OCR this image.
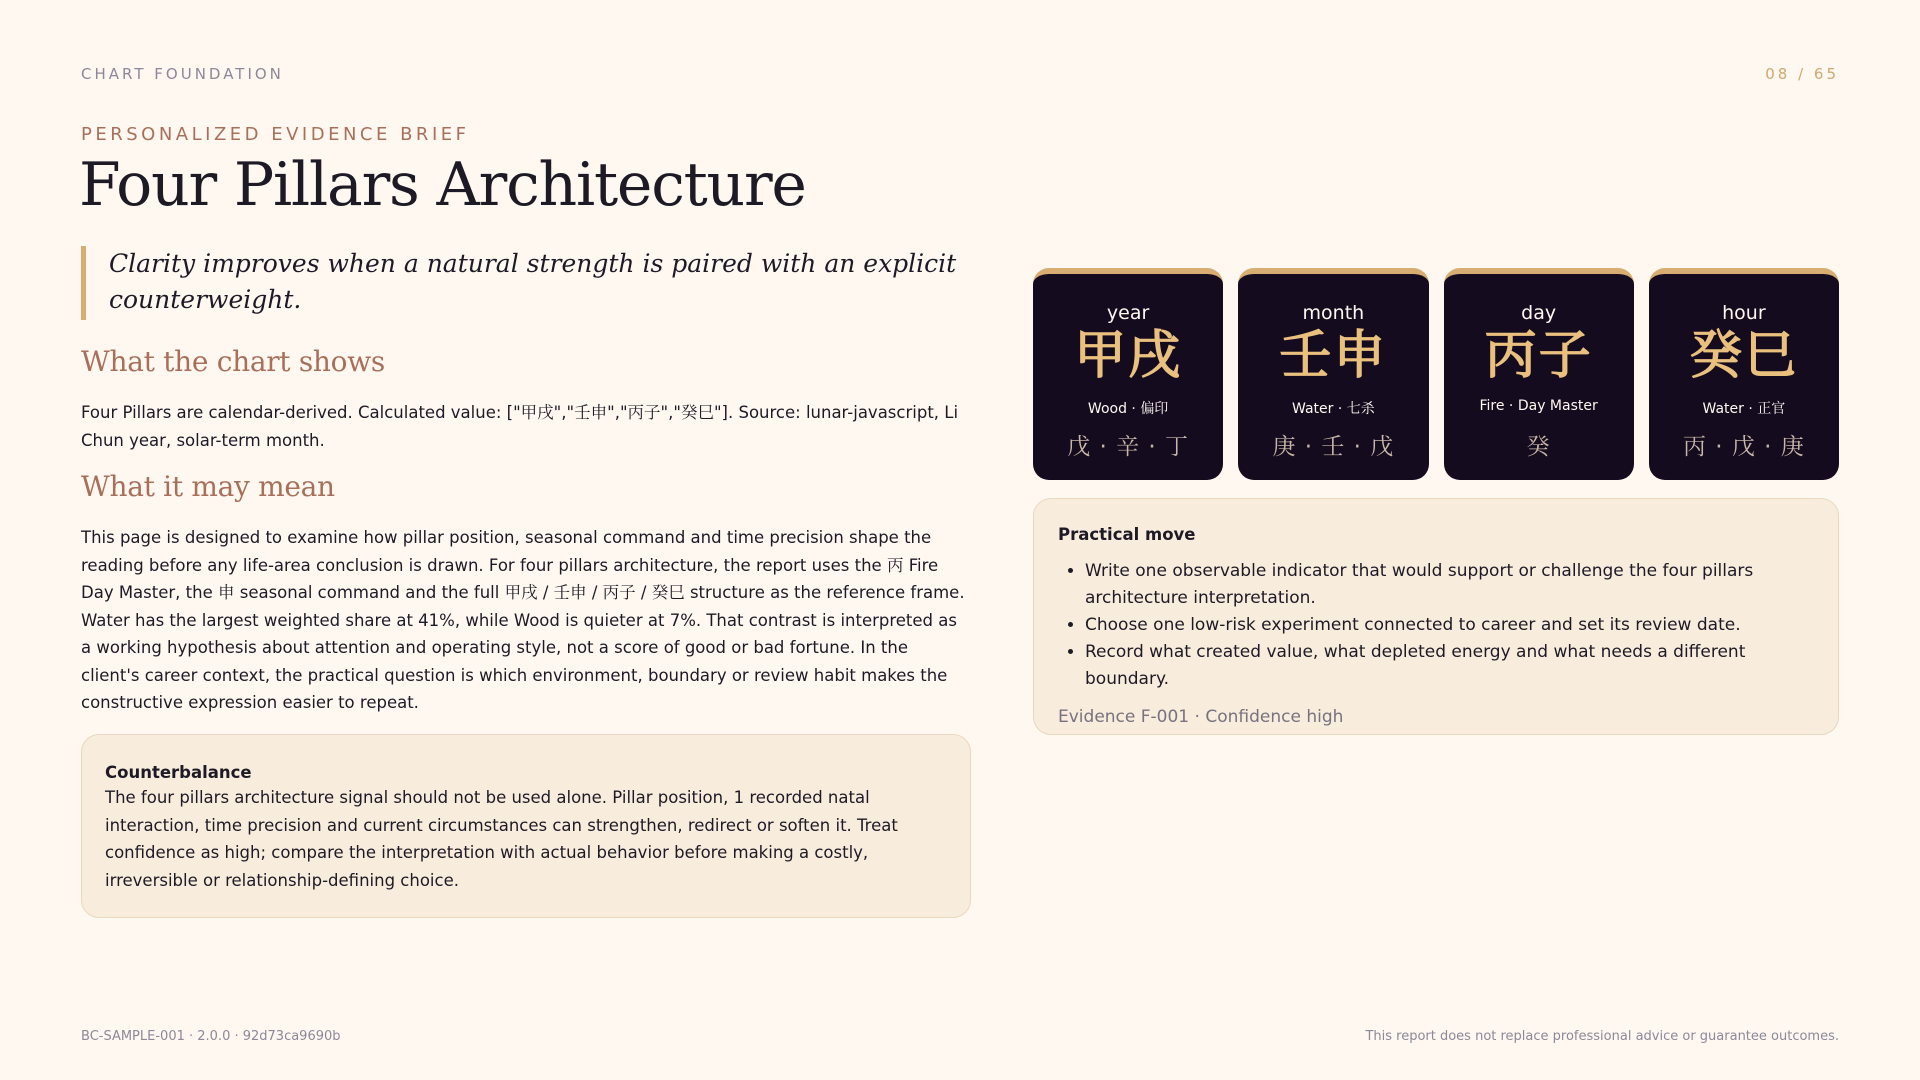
CHART FOUNDATION	08 / 65
PERSONALIZED EVIDENCE BRIEF
Four Pillars Architecture
Clarity improves when a natural strength is paired with an explicit counterweight.
What the chart shows

Four Pillars are calendar-derived. Calculated value: ["甲戌","壬申","丙子","癸巳"]. Source: lunar-javascript, Li Chun year, solar-term month.

What it may mean

This page is designed to examine how pillar position, seasonal command and time precision shape the reading before any life-area conclusion is drawn. For four pillars architecture, the report uses the 丙 Fire Day Master, the 申 seasonal command and the full 甲戌 / 壬申 / 丙子 / 癸巳 structure as the reference frame. Water has the largest weighted share at 41%, while Wood is quieter at 7%. That contrast is interpreted as a working hypothesis about attention and operating style, not a score of good or bad fortune. In the client's career context, the practical question is which environment, boundary or review habit makes the constructive expression easier to repeat.

Counterbalance
The four pillars architecture signal should not be used alone. Pillar position, 1 recorded natal interaction, time precision and current circumstances can strengthen, redirect or soften it. Treat confidence as high; compare the interpretation with actual behavior before making a costly, irreversible or relationship-defining choice.
year
甲戌
Wood · 偏印
戊 · 辛 · 丁
month
壬申
Water · 七杀
庚 · 壬 · 戊
day
丙子
Fire · Day Master
癸
hour
癸巳
Water · 正官
丙 · 戊 · 庚
Practical move
• Write one observable indicator that would support or challenge the four pillars architecture interpretation.
• Choose one low-risk experiment connected to career and set its review date.
• Record what created value, what depleted energy and what needs a different boundary.
Evidence F-001 · Confidence high
BC-SAMPLE-001 · 2.0.0 · 92d73ca9690b	This report does not replace professional advice or guarantee outcomes.
